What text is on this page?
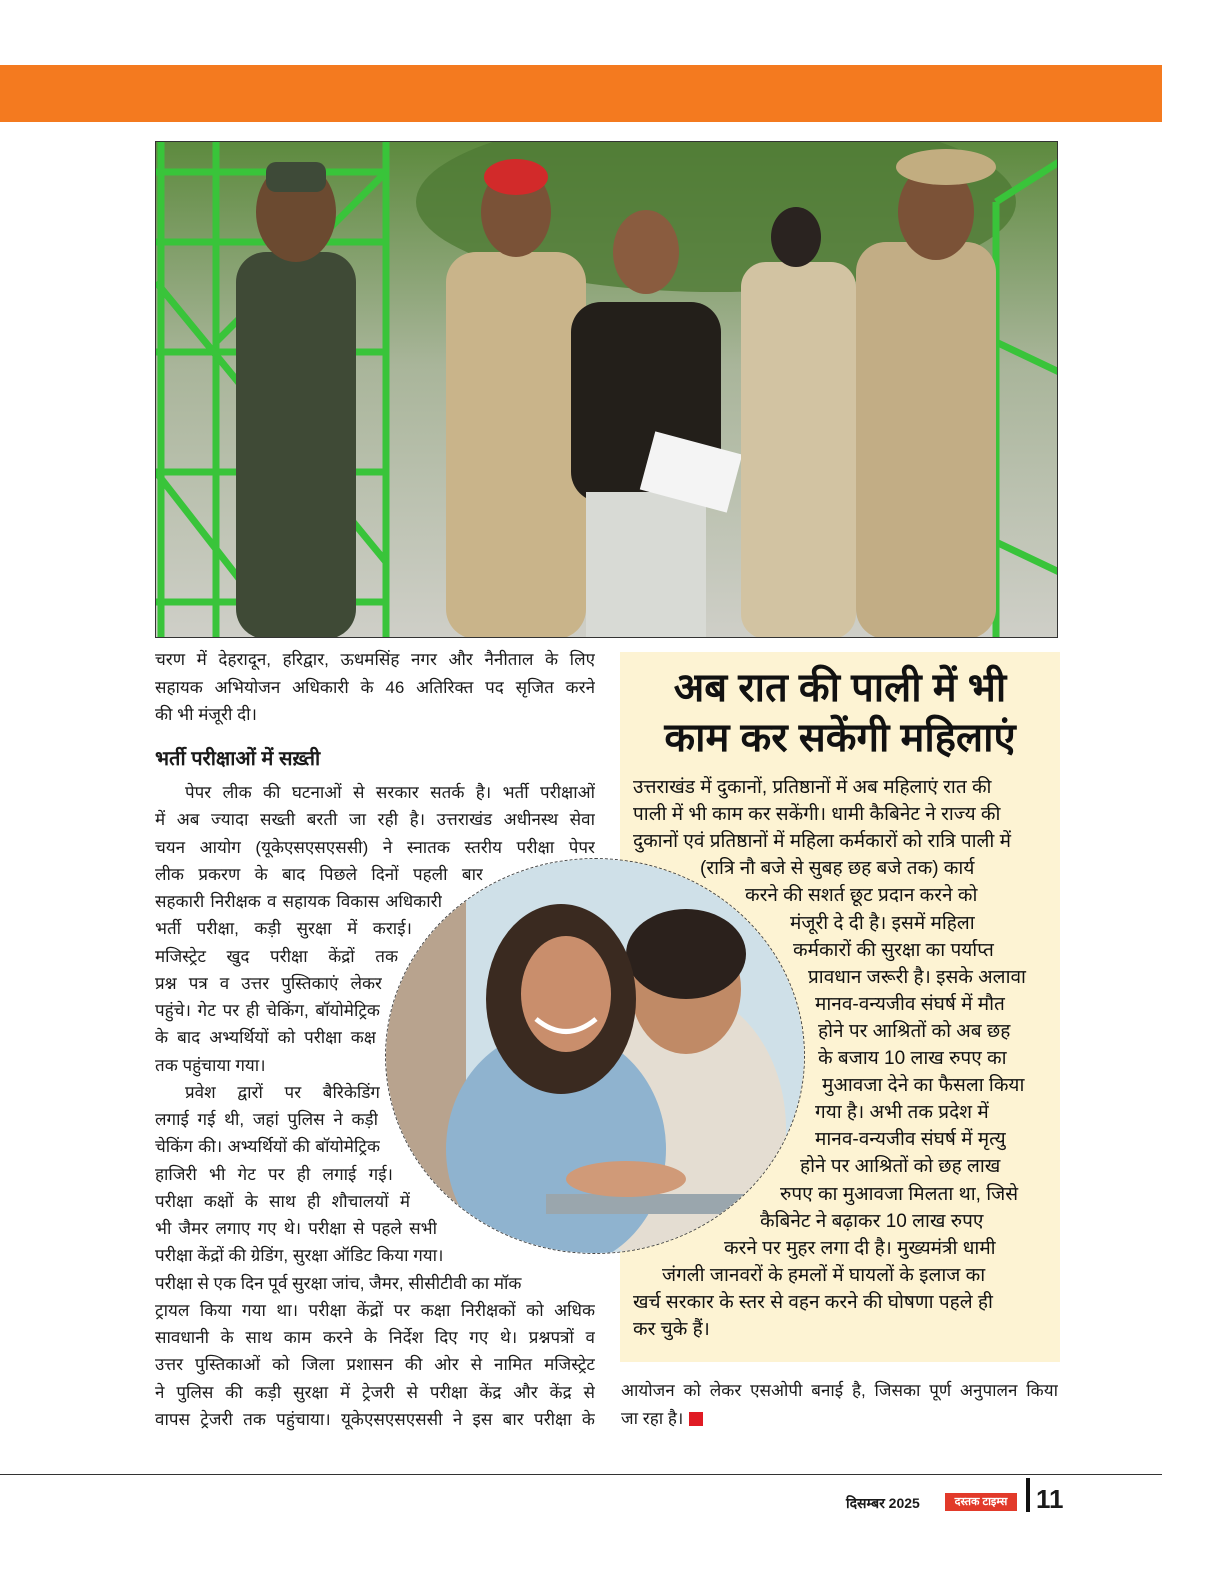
चरण में देहरादून, हरिद्वार, ऊधमसिंह नगर और नैनीताल के लिए
सहायक अभियोजन अधिकारी के 46 अतिरिक्त पद सृजित करने
की भी मंजूरी दी।
पेपर लीक की घटनाओं से सरकार सतर्क है। भर्ती परीक्षाओं
में अब ज्यादा सख्ती बरती जा रही है। उत्तराखंड अधीनस्थ सेवा
चयन आयोग (यूकेएसएसएससी) ने स्नातक स्तरीय परीक्षा पेपर
लीक प्रकरण के बाद पिछले दिनों पहली बार
सहकारी निरीक्षक व सहायक विकास अधिकारी
भर्ती परीक्षा, कड़ी सुरक्षा में कराई।
मजिस्ट्रेट खुद परीक्षा केंद्रों तक
प्रश्न पत्र व उत्तर पुस्तिकाएं लेकर
पहुंचे। गेट पर ही चेकिंग, बॉयोमेट्रिक
के बाद अभ्यर्थियों को परीक्षा कक्ष
तक पहुंचाया गया।
प्रवेश द्वारों पर बैरिकेडिंग
लगाई गई थी, जहां पुलिस ने कड़ी
चेकिंग की। अभ्यर्थियों की बॉयोमेट्रिक
हाजिरी भी गेट पर ही लगाई गई।
परीक्षा कक्षों के साथ ही शौचालयों में
भी जैमर लगाए गए थे। परीक्षा से पहले सभी
परीक्षा केंद्रों की ग्रेडिंग, सुरक्षा ऑडिट किया गया।
परीक्षा से एक दिन पूर्व सुरक्षा जांच, जैमर, सीसीटीवी का मॉक
ट्रायल किया गया था। परीक्षा केंद्रों पर कक्षा निरीक्षकों को अधिक
सावधानी के साथ काम करने के निर्देश दिए गए थे। प्रश्नपत्रों व
उत्तर पुस्तिकाओं को जिला प्रशासन की ओर से नामित मजिस्ट्रेट
ने पुलिस की कड़ी सुरक्षा में ट्रेजरी से परीक्षा केंद्र और केंद्र से
वापस ट्रेजरी तक पहुंचाया। यूकेएसएसएससी ने इस बार परीक्षा के
भर्ती परीक्षाओं में सख़्ती
अब रात की पाली में भी
काम कर सकेंगी महिलाएं
उत्तराखंड में दुकानों, प्रतिष्ठानों में अब महिलाएं रात की
पाली में भी काम कर सकेंगी। धामी कैबिनेट ने राज्य की
दुकानों एवं प्रतिष्ठानों में महिला कर्मकारों को रात्रि पाली में
(रात्रि नौ बजे से सुबह छह बजे तक) कार्य
करने की सशर्त छूट प्रदान करने को
मंजूरी दे दी है। इसमें महिला
कर्मकारों की सुरक्षा का पर्याप्त
प्रावधान जरूरी है। इसके अलावा
मानव-वन्यजीव संघर्ष में मौत
होने पर आश्रितों को अब छह
के बजाय 10 लाख रुपए का
मुआवजा देने का फैसला किया
गया है। अभी तक प्रदेश में
मानव-वन्यजीव संघर्ष में मृत्यु
होने पर आश्रितों को छह लाख
रुपए का मुआवजा मिलता था, जिसे
कैबिनेट ने बढ़ाकर 10 लाख रुपए
करने पर मुहर लगा दी है। मुख्यमंत्री धामी
जंगली जानवरों के हमलों में घायलों के इलाज का
खर्च सरकार के स्तर से वहन करने की घोषणा पहले ही
कर चुके हैं।
आयोजन को लेकर एसओपी बनाई है, जिसका पूर्ण अनुपालन किया
जा रहा है।
दिसम्बर 2025	दस्तक टाइम्स	11
